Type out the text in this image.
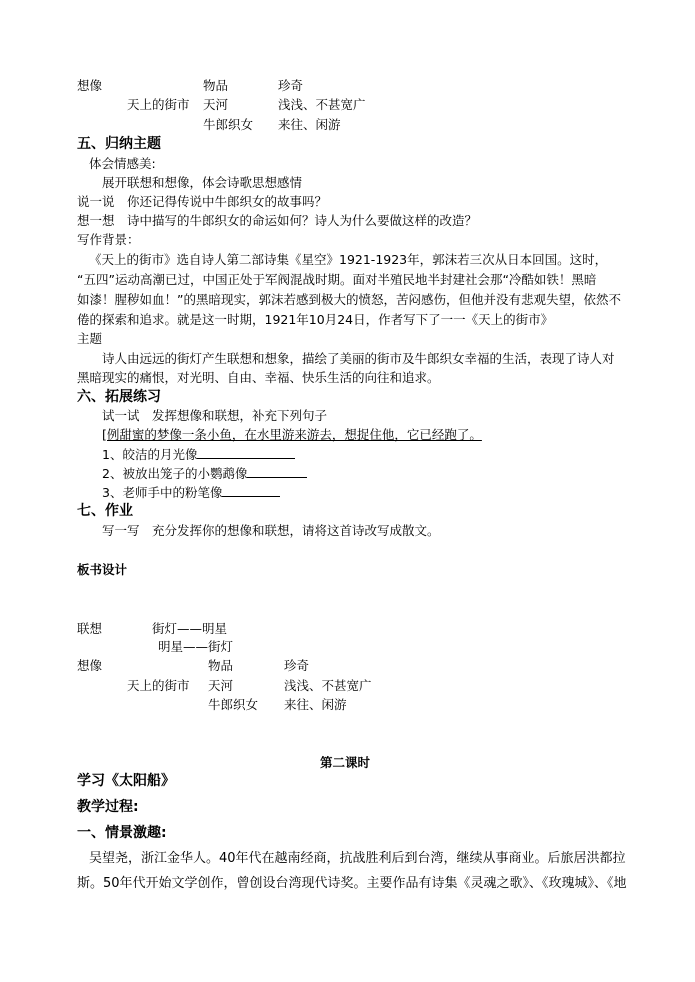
想像	物品	珍奇
天上的街市 天河	浅浅、不甚宽广
牛郎织女 来往、闲游
五、归纳主题
体会情感美:
展开联想和想像，体会诗歌思想感情
说一说　你还记得传说中牛郎织女的故事吗？
想一想　诗中描写的牛郎织女的命运如何？诗人为什么要做这样的改造？
写作背景：
《天上的街市》选自诗人第二部诗集《星空》1921-1923年，郭沫若三次从日本回国。这时，
“五四”运动高潮已过，中国正处于军阀混战时期。面对半殖民地半封建社会那“冷酷如铁！黑暗
如漆！腥秽如血！”的黑暗现实，郭沫若感到极大的愤怒，苦闷感伤，但他并没有悲观失望，依然不
倦的探索和追求。就是这一时期，1921年10月24日，作者写下了一一《天上的街市》
主题
诗人由远远的街灯产生联想和想象，描绘了美丽的街市及牛郎织女幸福的生活，表现了诗人对
黑暗现实的痛恨，对光明、自由、幸福、快乐生活的向往和追求。
六、拓展练习
试一试　发挥想像和联想，补充下列句子
[例甜蜜的梦像一条小鱼，在水里游来游去，想捉住他，它已经跑了。
1、皎洁的月光像
2、被放出笼子的小鹦鹉像
3、老师手中的粉笔像
七、作业
写一写　充分发挥你的想像和联想，请将这首诗改写成散文。
板书设计
联想	街灯——明星
明星——街灯
想像	物品	珍奇
天上的街市 天河	浅浅、不甚宽广
牛郎织女 来往、闲游
第二课时
学习《太阳船》
教学过程:
一、情景激趣:
吴望尧，浙江金华人。40年代在越南经商，抗战胜利后到台湾，继续从事商业。后旅居洪都拉
斯。50年代开始文学创作，曾创设台湾现代诗奖。主要作品有诗集《灵魂之歌》、《玫瑰城》、《地
